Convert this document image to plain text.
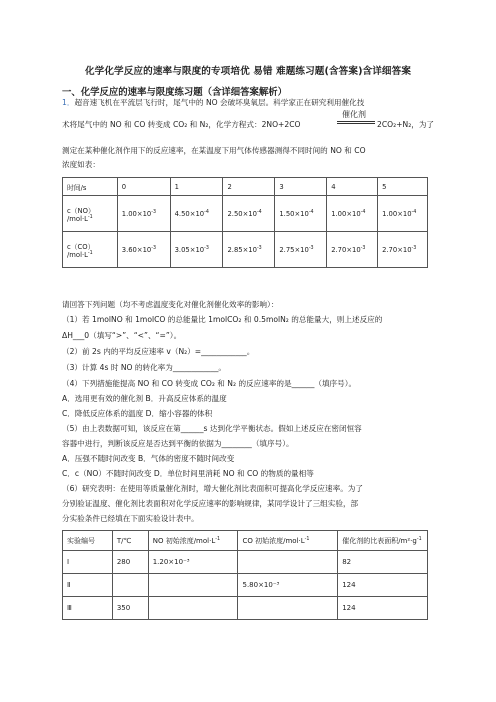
化学化学反应的速率与限度的专项培优 易错 难题练习题(含答案)含详细答案
一、化学反应的速率与限度练习题（含详细答案解析）
1．超音速飞机在平流层飞行时，尾气中的 NO 会破坏臭氧层。科学家正在研究利用催化技
催化剂
术将尾气中的 NO 和 CO 转变成 CO₂ 和 N₂，化学方程式：2NO+2CO	2CO₂+N₂，为了
测定在某种催化剂作用下的反应速率，在某温度下用气体传感器测得不同时间的 NO 和 CO
浓度如表：
时间/s	0	1	2	3	4	5
c（NO）
$/mol\cdot L^{-1}$	$1.00\times 10^{-3}$	$4.50\times 10^{-4}$	$2.50\times 10^{-4}$	$1.50\times 10^{-4}$	$1.00\times 10^{-4}$	$1.00\times 10^{-4}$
c（CO）
$/mol\cdot L^{-1}$	$3.60\times 10^{-3}$	$3.05\times 10^{-3}$	$2.85\times 10^{-3}$	$2.75\times 10^{-3}$	$2.70\times 10^{-3}$	$2.70\times 10^{-3}$
请回答下列问题（均不考虑温度变化对催化剂催化效率的影响）：
（1）若 1molNO 和 1molCO 的总能量比 1molCO₂ 和 0.5molN₂ 的总能量大，则上述反应的
ΔH___0（填写“>”、“<”、“=”）。
（2）前 2s 内的平均反应速率 v（N₂）=____________。
（3）计算 4s 时 NO 的转化率为____________。
（4）下列措施能提高 NO 和 CO 转变成 CO₂ 和 N₂ 的反应速率的是______（填序号）。
A．选用更有效的催化剂 B．升高反应体系的温度
C．降低反应体系的温度 D．缩小容器的体积
（5）由上表数据可知，该反应在第______s 达到化学平衡状态。假如上述反应在密闭恒容
容器中进行，判断该反应是否达到平衡的依据为________（填序号）。
A．压强不随时间改变 B．气体的密度不随时间改变
C．c（NO）不随时间改变 D．单位时间里消耗 NO 和 CO 的物质的量相等
（6）研究表明：在使用等质量催化剂时，增大催化剂比表面积可提高化学反应速率。为了
分别验证温度、催化剂比表面积对化学反应速率的影响规律，某同学设计了三组实验，部
分实验条件已经填在下面实验设计表中。
实验编号	T/℃	NO 初始浓度$/mol\cdot L^{-1}$	CO 初始浓度$/mol\cdot L^{-1}$	催化剂的比表面积$/m^2\cdot g^{-1}$
Ⅰ	280	1.20×10⁻³		82
Ⅱ			5.80×10⁻³	124
Ⅲ	350			124
